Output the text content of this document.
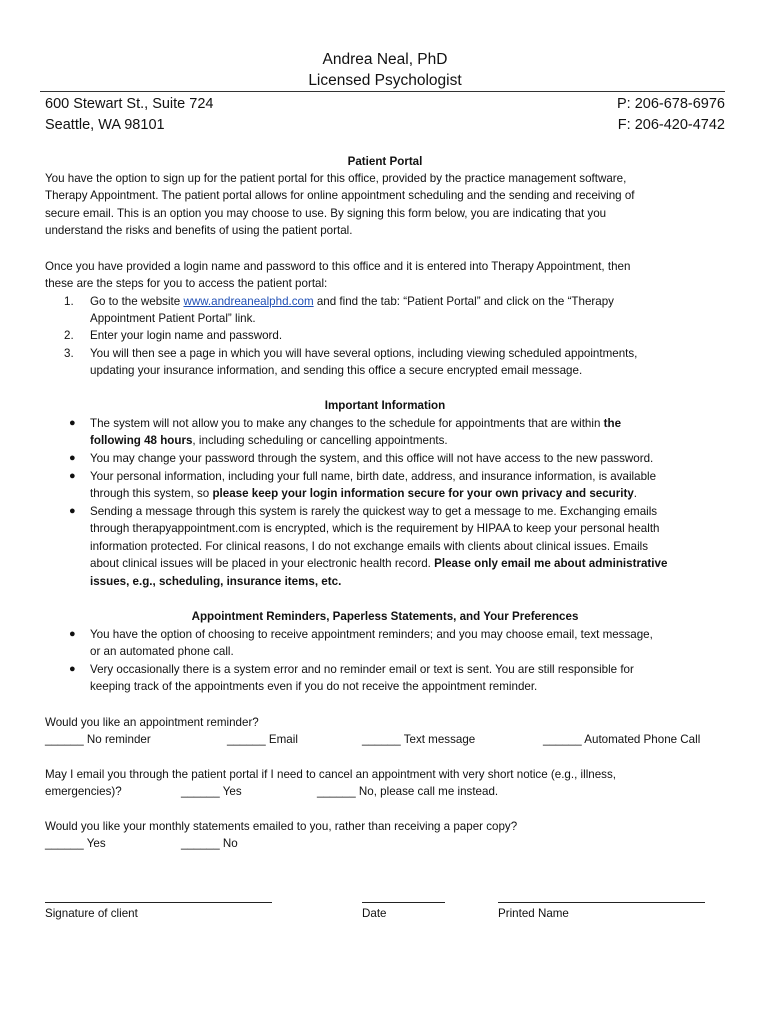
Andrea Neal, PhD
Licensed Psychologist
600 Stewart St., Suite 724
Seattle, WA 98101
P: 206-678-6976
F: 206-420-4742
Patient Portal
You have the option to sign up for the patient portal for this office, provided by the practice management software,
Therapy Appointment. The patient portal allows for online appointment scheduling and the sending and receiving of
secure email. This is an option you may choose to use. By signing this form below, you are indicating that you
understand the risks and benefits of using the patient portal.
Once you have provided a login name and password to this office and it is entered into Therapy Appointment, then
these are the steps for you to access the patient portal:
1.	Go to the website www.andreanealphd.com and find the tab: “Patient Portal” and click on the “Therapy
Appointment Patient Portal” link.
2.	Enter your login name and password.
3.	You will then see a page in which you will have several options, including viewing scheduled appointments,
updating your insurance information, and sending this office a secure encrypted email message.
Important Information
● The system will not allow you to make any changes to the schedule for appointments that are within the
following 48 hours, including scheduling or cancelling appointments.
● You may change your password through the system, and this office will not have access to the new password.
● Your personal information, including your full name, birth date, address, and insurance information, is available
through this system, so please keep your login information secure for your own privacy and security.
● Sending a message through this system is rarely the quickest way to get a message to me. Exchanging emails
through therapyappointment.com is encrypted, which is the requirement by HIPAA to keep your personal health
information protected. For clinical reasons, I do not exchange emails with clients about clinical issues. Emails
about clinical issues will be placed in your electronic health record. Please only email me about administrative
issues, e.g., scheduling, insurance items, etc.
Appointment Reminders, Paperless Statements, and Your Preferences
● You have the option of choosing to receive appointment reminders; and you may choose email, text message,
or an automated phone call.
● Very occasionally there is a system error and no reminder email or text is sent. You are still responsible for
keeping track of the appointments even if you do not receive the appointment reminder.
Would you like an appointment reminder?
______ No reminder	______ Email	______ Text message	______ Automated Phone Call
May I email you through the patient portal if I need to cancel an appointment with very short notice (e.g., illness,
emergencies)?	______ Yes	______ No, please call me instead.
Would you like your monthly statements emailed to you, rather than receiving a paper copy?
______ Yes	______ No
Signature of client	Date	Printed Name
